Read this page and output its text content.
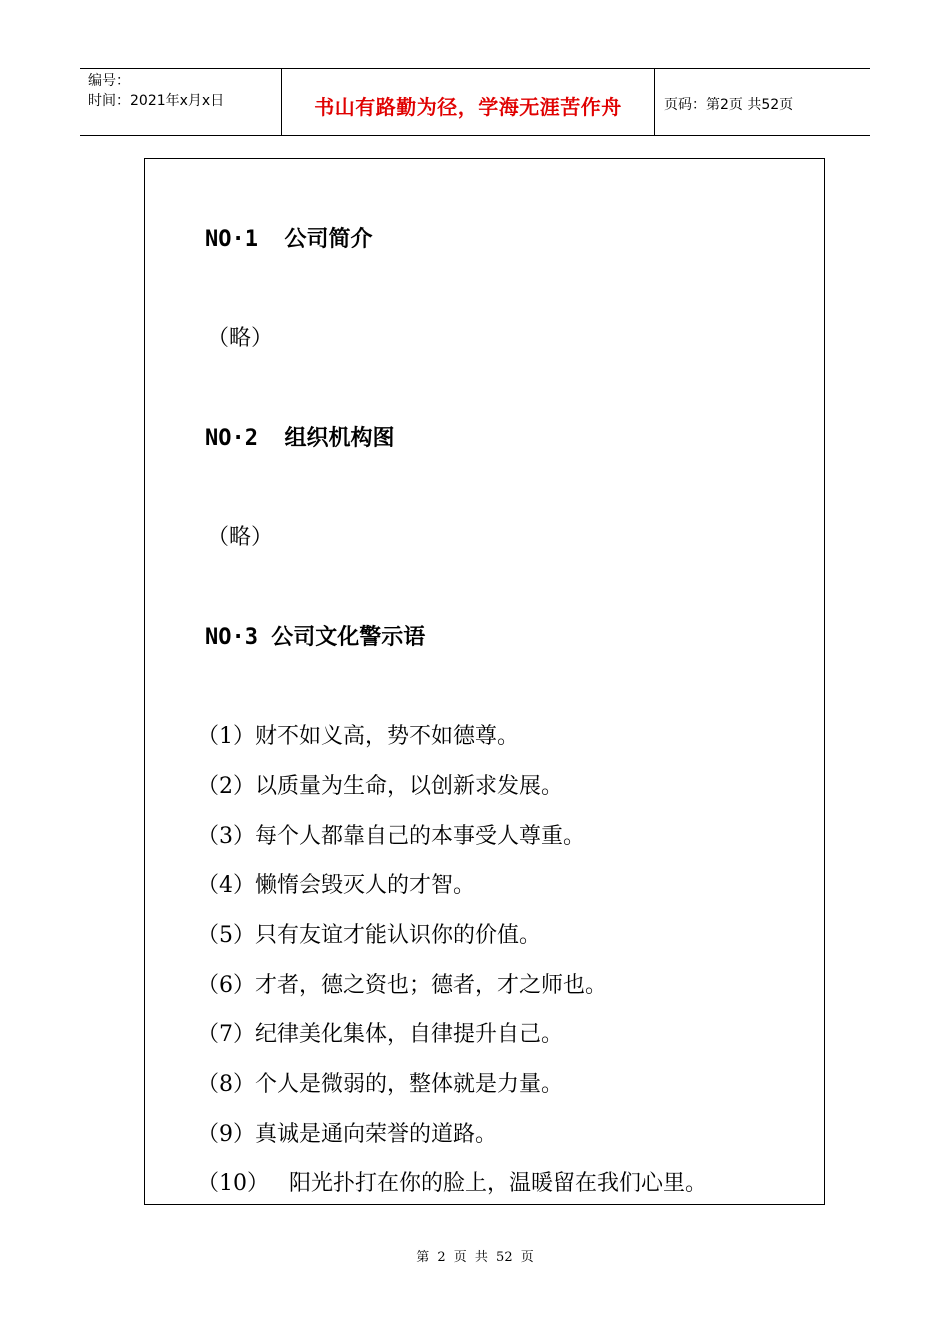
编号：
时间：2021年x月x日	书山有路勤为径，学海无涯苦作舟	页码：第2页 共52页
NO·1  公司简介
（略）
NO·2  组织机构图
（略）
NO·3 公司文化警示语
（1）财不如义高，势不如德尊。
（2）以质量为生命，以创新求发展。
（3）每个人都靠自己的本事受人尊重。
（4）懒惰会毁灭人的才智。
（5）只有友谊才能认识你的价值。
（6）才者，德之资也；德者，才之师也。
（7）纪律美化集体，自律提升自己。
（8）个人是微弱的，整体就是力量。
（9）真诚是通向荣誉的道路。
（10） 阳光扑打在你的脸上，温暖留在我们心里。
第 2 页 共 52 页
